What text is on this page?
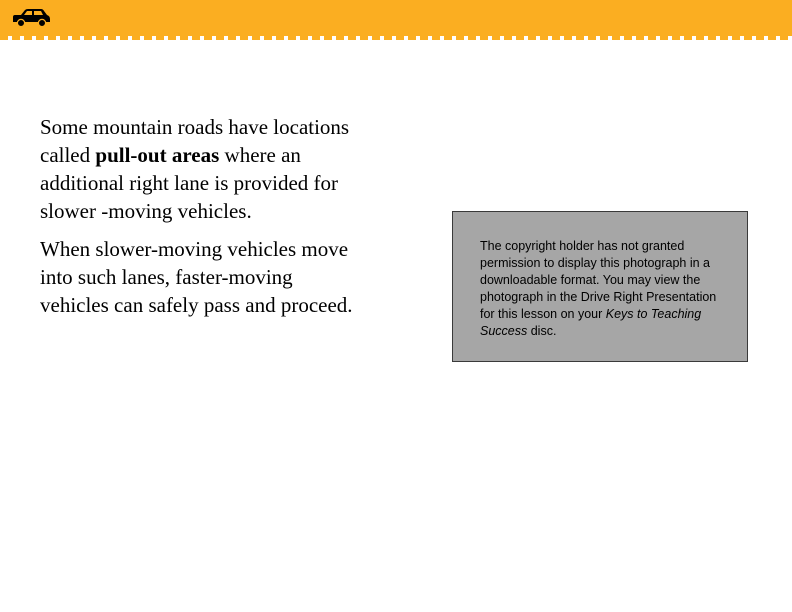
Some mountain roads have locations called pull-out areas where an additional right lane is provided for slower -moving vehicles.

When slower-moving vehicles move into such lanes, faster-moving vehicles can safely pass and proceed.

The copyright holder has not granted permission to display this photograph in a downloadable format. You may view the photograph in the Drive Right Presentation for this lesson on your Keys to Teaching Success disc.
